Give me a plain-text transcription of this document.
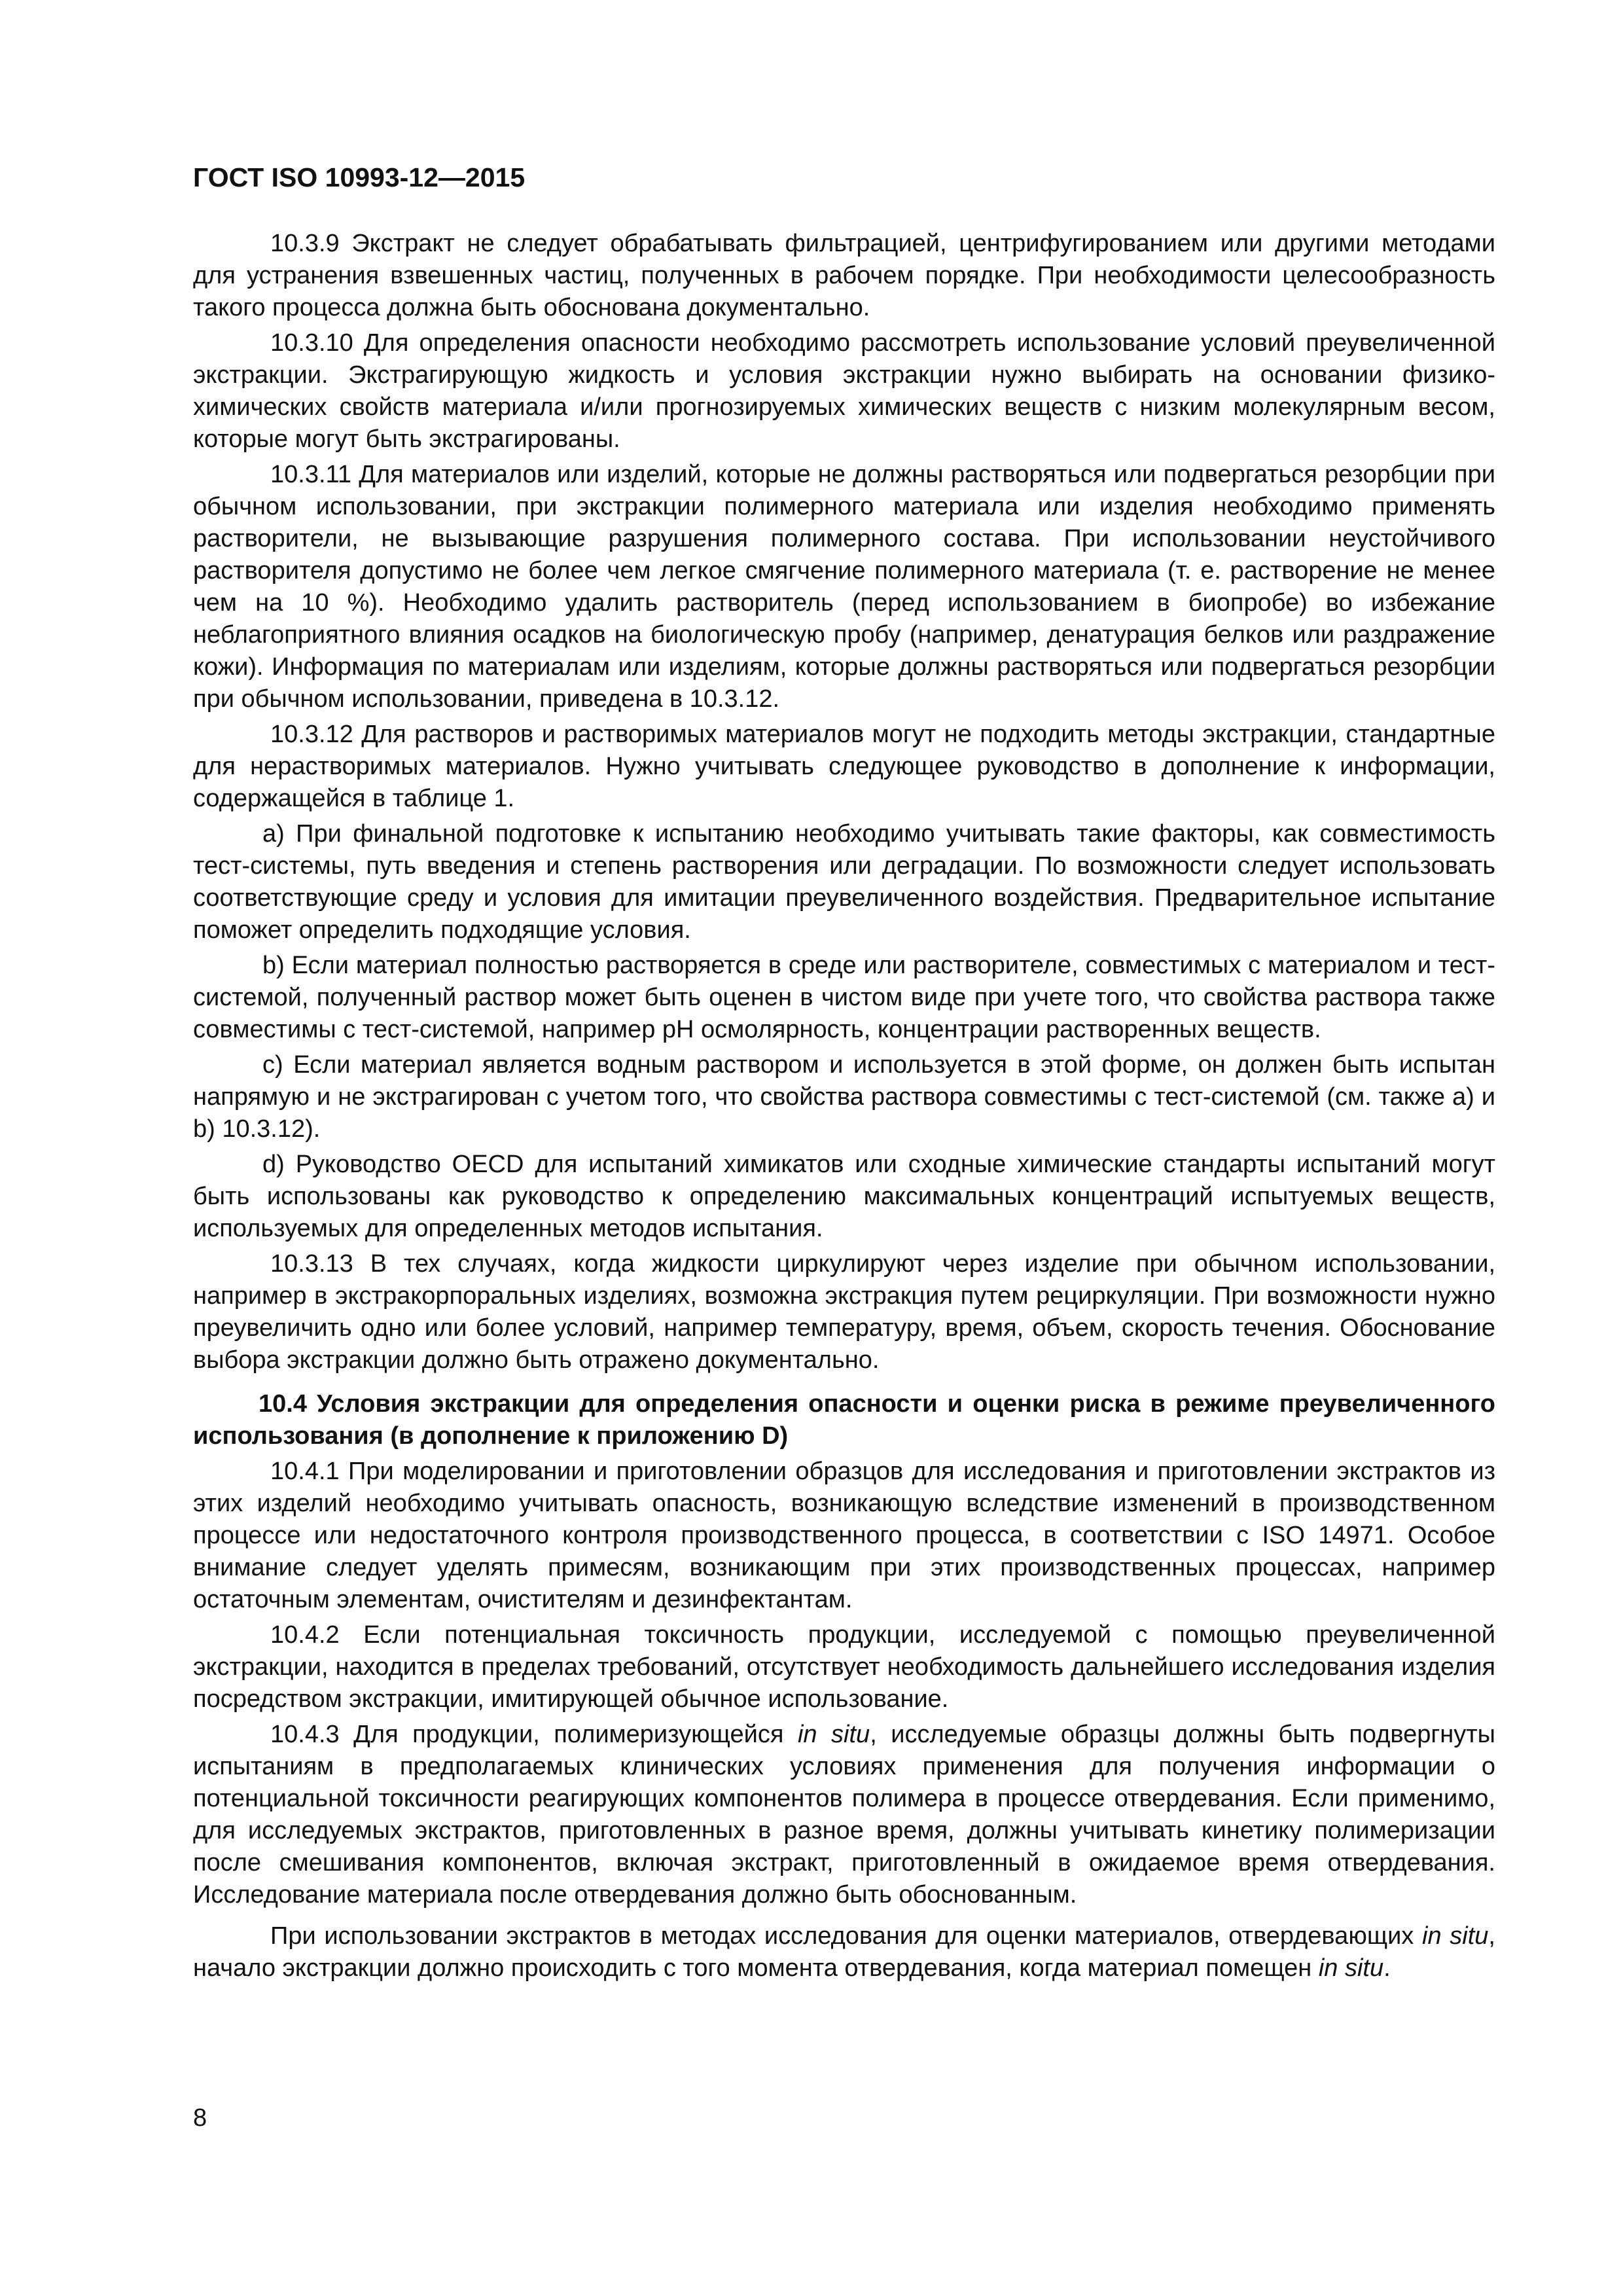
ГОСТ ISO 10993-12—2015

10.3.9 Экстракт не следует обрабатывать фильтрацией, центрифугированием или другими методами для устранения взвешенных частиц, полученных в рабочем порядке. При необходимости целесообразность такого процесса должна быть обоснована документально.

10.3.10 Для определения опасности необходимо рассмотреть использование условий преувеличенной экстракции. Экстрагирующую жидкость и условия экстракции нужно выбирать на основании физико-химических свойств материала и/или прогнозируемых химических веществ с низким молекулярным весом, которые могут быть экстрагированы.

10.3.11 Для материалов или изделий, которые не должны растворяться или подвергаться резорбции при обычном использовании, при экстракции полимерного материала или изделия необходимо применять растворители, не вызывающие разрушения полимерного состава. При использовании неустойчивого растворителя допустимо не более чем легкое смягчение полимерного материала (т. е. растворение не менее чем на 10 %). Необходимо удалить растворитель (перед использованием в биопробе) во избежание неблагоприятного влияния осадков на биологическую пробу (например, денатурация белков или раздражение кожи). Информация по материалам или изделиям, которые должны растворяться или подвергаться резорбции при обычном использовании, приведена в 10.3.12.

10.3.12 Для растворов и растворимых материалов могут не подходить методы экстракции, стандартные для нерастворимых материалов. Нужно учитывать следующее руководство в дополнение к информации, содержащейся в таблице 1.

а) При финальной подготовке к испытанию необходимо учитывать такие факторы, как совместимость тест-системы, путь введения и степень растворения или деградации. По возможности следует использовать соответствующие среду и условия для имитации преувеличенного воздействия. Предварительное испытание поможет определить подходящие условия.

b) Если материал полностью растворяется в среде или растворителе, совместимых с материалом и тест-системой, полученный раствор может быть оценен в чистом виде при учете того, что свойства раствора также совместимы с тест-системой, например pH осмолярность, концентрации растворенных веществ.

c) Если материал является водным раствором и используется в этой форме, он должен быть испытан напрямую и не экстрагирован с учетом того, что свойства раствора совместимы с тест-системой (см. также а) и b) 10.3.12).

d) Руководство OECD для испытаний химикатов или сходные химические стандарты испытаний могут быть использованы как руководство к определению максимальных концентраций испытуемых веществ, используемых для определенных методов испытания.

10.3.13 В тех случаях, когда жидкости циркулируют через изделие при обычном использовании, например в экстракорпоральных изделиях, возможна экстракция путем рециркуляции. При возможности нужно преувеличить одно или более условий, например температуру, время, объем, скорость течения. Обоснование выбора экстракции должно быть отражено документально.

10.4 Условия экстракции для определения опасности и оценки риска в режиме преувеличенного использования (в дополнение к приложению D)

10.4.1 При моделировании и приготовлении образцов для исследования и приготовлении экстрактов из этих изделий необходимо учитывать опасность, возникающую вследствие изменений в производственном процессе или недостаточного контроля производственного процесса, в соответствии с ISO 14971. Особое внимание следует уделять примесям, возникающим при этих производственных процессах, например остаточным элементам, очистителям и дезинфектантам.

10.4.2 Если потенциальная токсичность продукции, исследуемой с помощью преувеличенной экстракции, находится в пределах требований, отсутствует необходимость дальнейшего исследования изделия посредством экстракции, имитирующей обычное использование.

10.4.3 Для продукции, полимеризующейся in situ, исследуемые образцы должны быть подвергнуты испытаниям в предполагаемых клинических условиях применения для получения информации о потенциальной токсичности реагирующих компонентов полимера в процессе отвердевания. Если применимо, для исследуемых экстрактов, приготовленных в разное время, должны учитывать кинетику полимеризации после смешивания компонентов, включая экстракт, приготовленный в ожидаемое время отвердевания. Исследование материала после отвердевания должно быть обоснованным.

При использовании экстрактов в методах исследования для оценки материалов, отвердевающих in situ, начало экстракции должно происходить с того момента отвердевания, когда материал помещен in situ.

8
